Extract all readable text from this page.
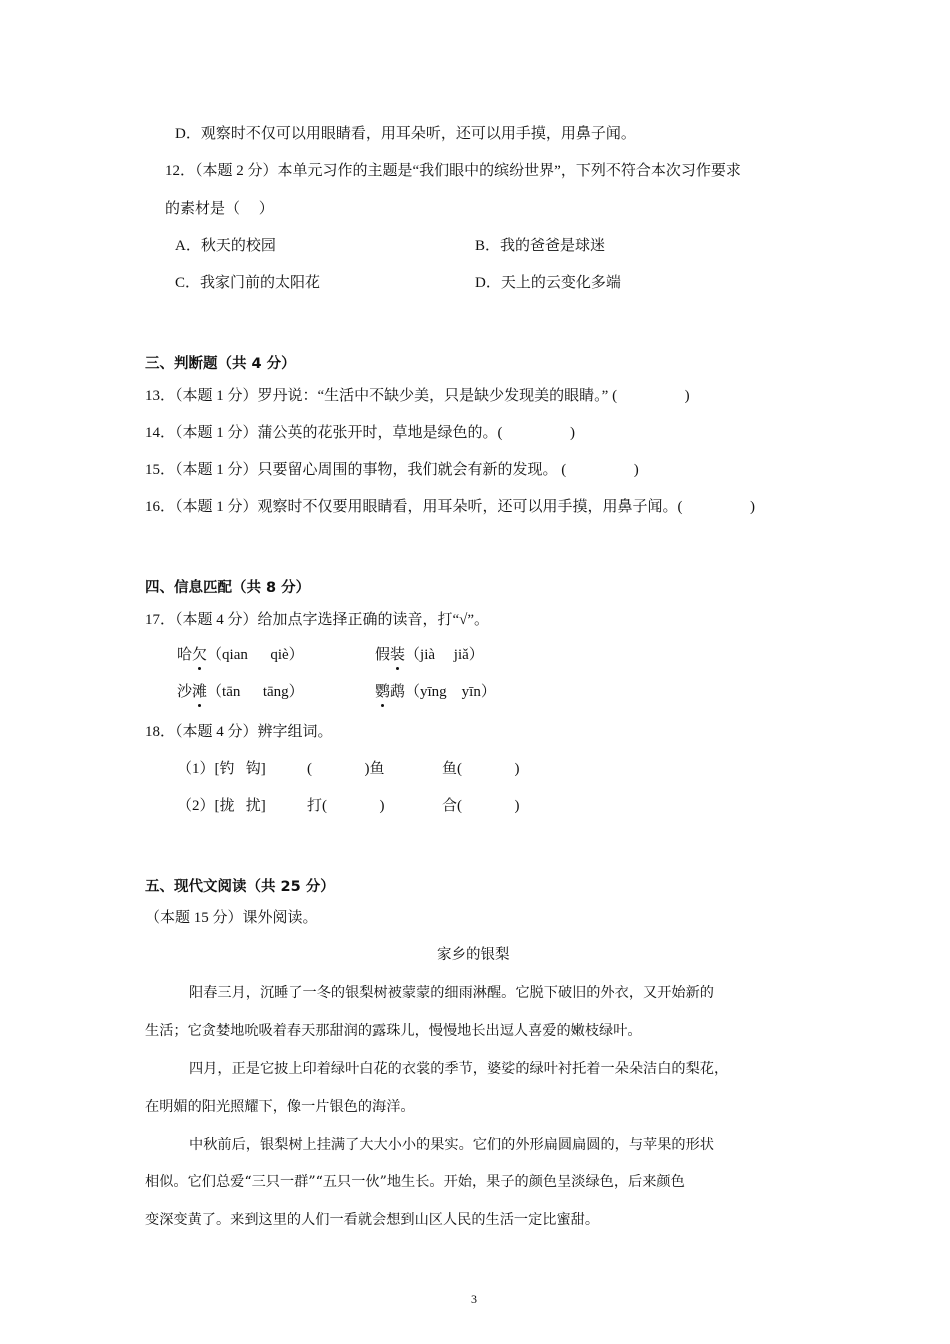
D．观察时不仅可以用眼睛看，用耳朵听，还可以用手摸，用鼻子闻。
12．（本题 2 分）本单元习作的主题是“我们眼中的缤纷世界”，下列不符合本次习作要求
的素材是（     ）
A．秋天的校园	B．我的爸爸是球迷
C．我家门前的太阳花	D．天上的云变化多端
三、判断题（共 4 分）
13．（本题 1 分）罗丹说：“生活中不缺少美，只是缺少发现美的眼睛。” (                  )
14．（本题 1 分）蒲公英的花张开时，草地是绿色的。(                  )
15．（本题 1 分）只要留心周围的事物，我们就会有新的发现。 (                  )
16．（本题 1 分）观察时不仅要用眼睛看，用耳朵听，还可以用手摸，用鼻子闻。(                  )
四、信息匹配（共 8 分）
17．（本题 4 分）给加点字选择正确的读音，打“√”。
哈欠（qian      qiè）	假装（jià     jiǎ）
沙滩（tān      tāng）	鹦鹉（yīng    yīn）
18．（本题 4 分）辨字组词。
（1）[钓   钩]	(              )鱼	鱼(              )
（2）[拢   扰]	打(              )	合(              )
五、现代文阅读（共 25 分）
（本题 15 分）课外阅读。
家乡的银梨
阳春三月，沉睡了一冬的银梨树被蒙蒙的细雨淋醒。它脱下破旧的外衣，又开始新的
生活；它贪婪地吮吸着春天那甜润的露珠儿，慢慢地长出逗人喜爱的嫩枝绿叶。
四月，正是它披上印着绿叶白花的衣裳的季节，婆娑的绿叶衬托着一朵朵洁白的梨花，
在明媚的阳光照耀下，像一片银色的海洋。
中秋前后，银梨树上挂满了大大小小的果实。它们的外形扁圆扁圆的，与苹果的形状
相似。它们总爱“三只一群”“五只一伙”地生长。开始，果子的颜色呈淡绿色，后来颜色
变深变黄了。来到这里的人们一看就会想到山区人民的生活一定比蜜甜。
3
